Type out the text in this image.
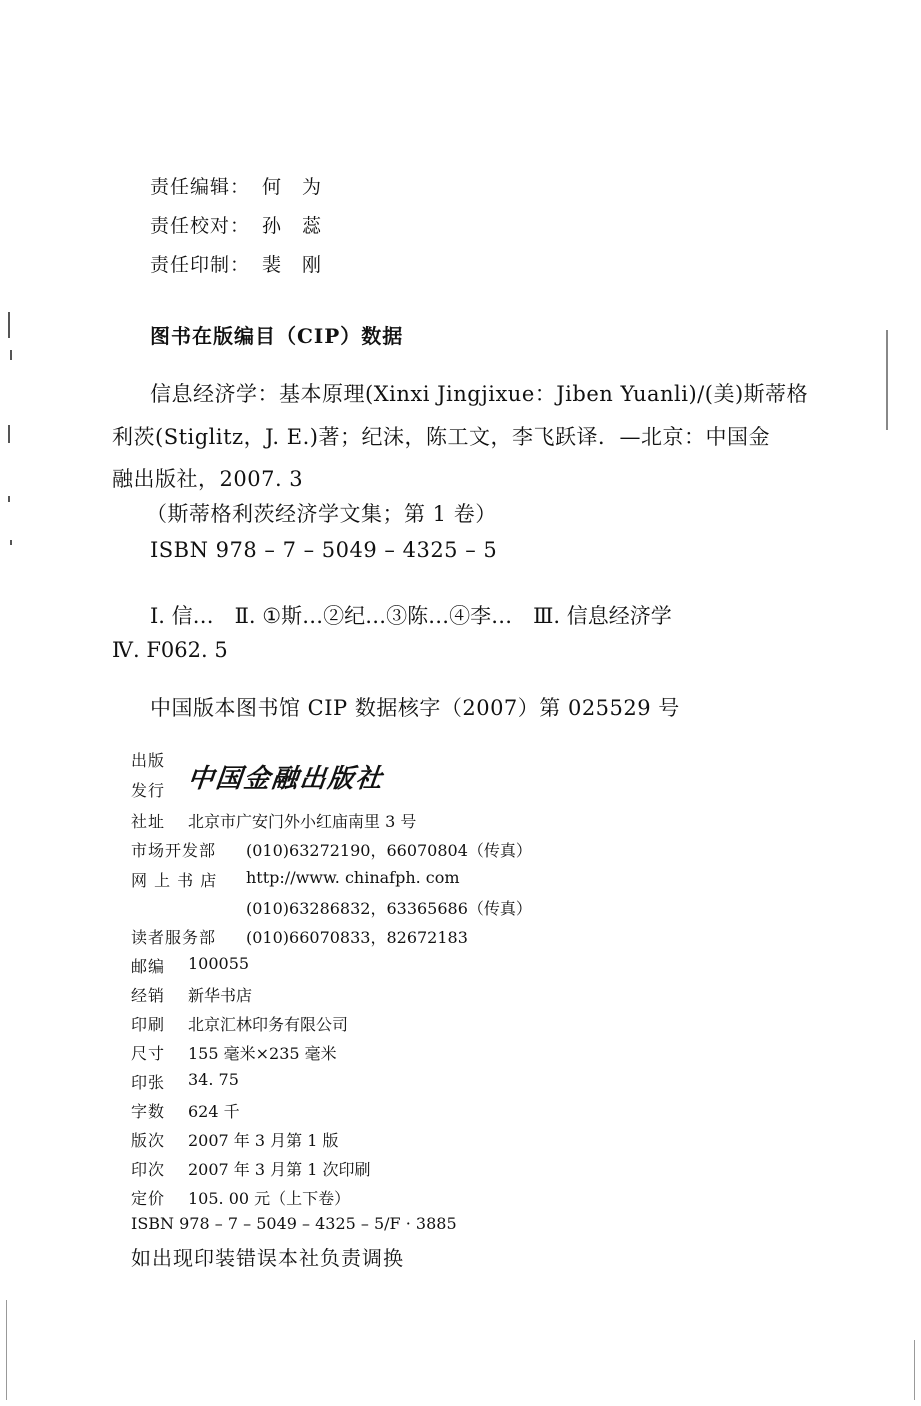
责任编辑： 何　为
责任校对： 孙　蕊
责任印制： 裴　刚
图书在版编目（CIP）数据
信息经济学：基本原理(Xinxi Jingjixue：Jiben Yuanli)/(美)斯蒂格
利茨(Stiglitz，J. E.)著；纪沫，陈工文，李飞跃译．—北京：中国金
融出版社，2007. 3
（斯蒂格利茨经济学文集；第 1 卷）
ISBN 978 – 7 – 5049 – 4325 – 5
Ⅰ. 信…　Ⅱ. ①斯…②纪…③陈…④李…　Ⅲ. 信息经济学
Ⅳ. F062. 5
中国版本图书馆 CIP 数据核字（2007）第 025529 号
出版
发行 中国金融出版社
社址 北京市广安门外小红庙南里 3 号
市场开发部 (010)63272190，66070804（传真）
网 上 书 店 http://www. chinafph. com
(010)63286832，63365686（传真）
读者服务部 (010)66070833，82672183
邮编 100055
经销 新华书店
印刷 北京汇林印务有限公司
尺寸 155 毫米×235 毫米
印张 34. 75
字数 624 千
版次 2007 年 3 月第 1 版
印次 2007 年 3 月第 1 次印刷
定价 105. 00 元（上下卷）
ISBN 978 – 7 – 5049 – 4325 – 5/F · 3885
如出现印装错误本社负责调换
